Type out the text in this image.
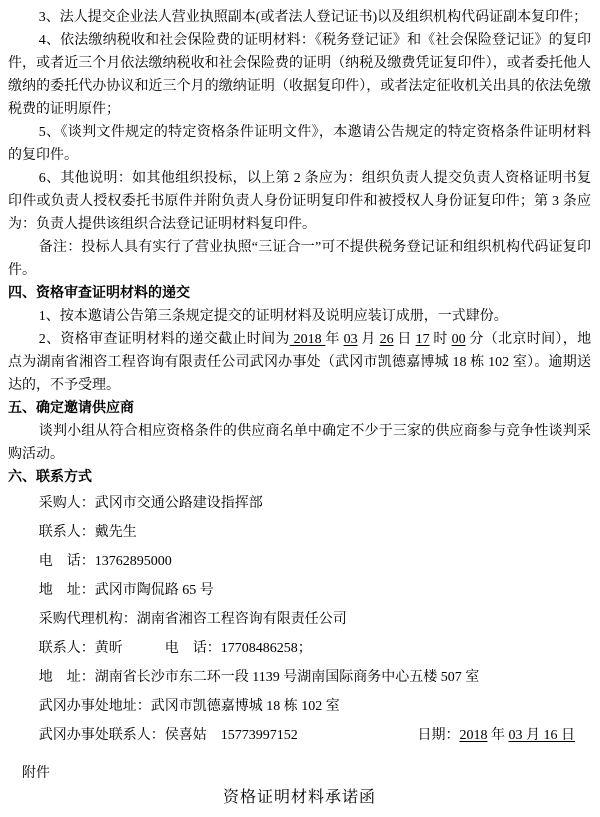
3、法人提交企业法人营业执照副本(或者法人登记证书)以及组织机构代码证副本复印件；

4、依法缴纳税收和社会保险费的证明材料：《税务登记证》和《社会保险登记证》的复印件，或者近三个月依法缴纳税收和社会保险费的证明（纳税及缴费凭证复印件），或者委托他人缴纳的委托代办协议和近三个月的缴纳证明（收据复印件），或者法定征收机关出具的依法免缴税费的证明原件；

5、《谈判文件规定的特定资格条件证明文件》，本邀请公告规定的特定资格条件证明材料的复印件。

6、其他说明：如其他组织投标，以上第 2 条应为：组织负责人提交负责人资格证明书复印件或负责人授权委托书原件并附负责人身份证明复印件和被授权人身份证复印件；第 3 条应为：负责人提供该组织合法登记证明材料复印件。

备注：投标人具有实行了营业执照“三证合一”可不提供税务登记证和组织机构代码证复印件。

四、资格审查证明材料的递交

1、按本邀请公告第三条规定提交的证明材料及说明应装订成册，一式肆份。

2、资格审查证明材料的递交截止时间为 2018 年 03 月 26 日 17 时 00 分（北京时间），地点为湖南省湘咨工程咨询有限责任公司武冈办事处（武冈市凯德嘉博城 18 栋 102 室）。逾期送达的，不予受理。

五、确定邀请供应商

谈判小组从符合相应资格条件的供应商名单中确定不少于三家的供应商参与竞争性谈判采购活动。

六、联系方式

采购人：武冈市交通公路建设指挥部

联系人：戴先生

电　话：13762895000

地　址：武冈市陶侃路 65 号

采购代理机构：湖南省湘咨工程咨询有限责任公司

联系人：黄昕　　　电　话：17708486258；

地　址：湖南省长沙市东二环一段 1139 号湖南国际商务中心五楼 507 室

武冈办事处地址：武冈市凯德嘉博城 18 栋 102 室

武冈办事处联系人：侯喜姑　15773997152	日期：2018 年 03 月 16 日

附件

资格证明材料承诺函
